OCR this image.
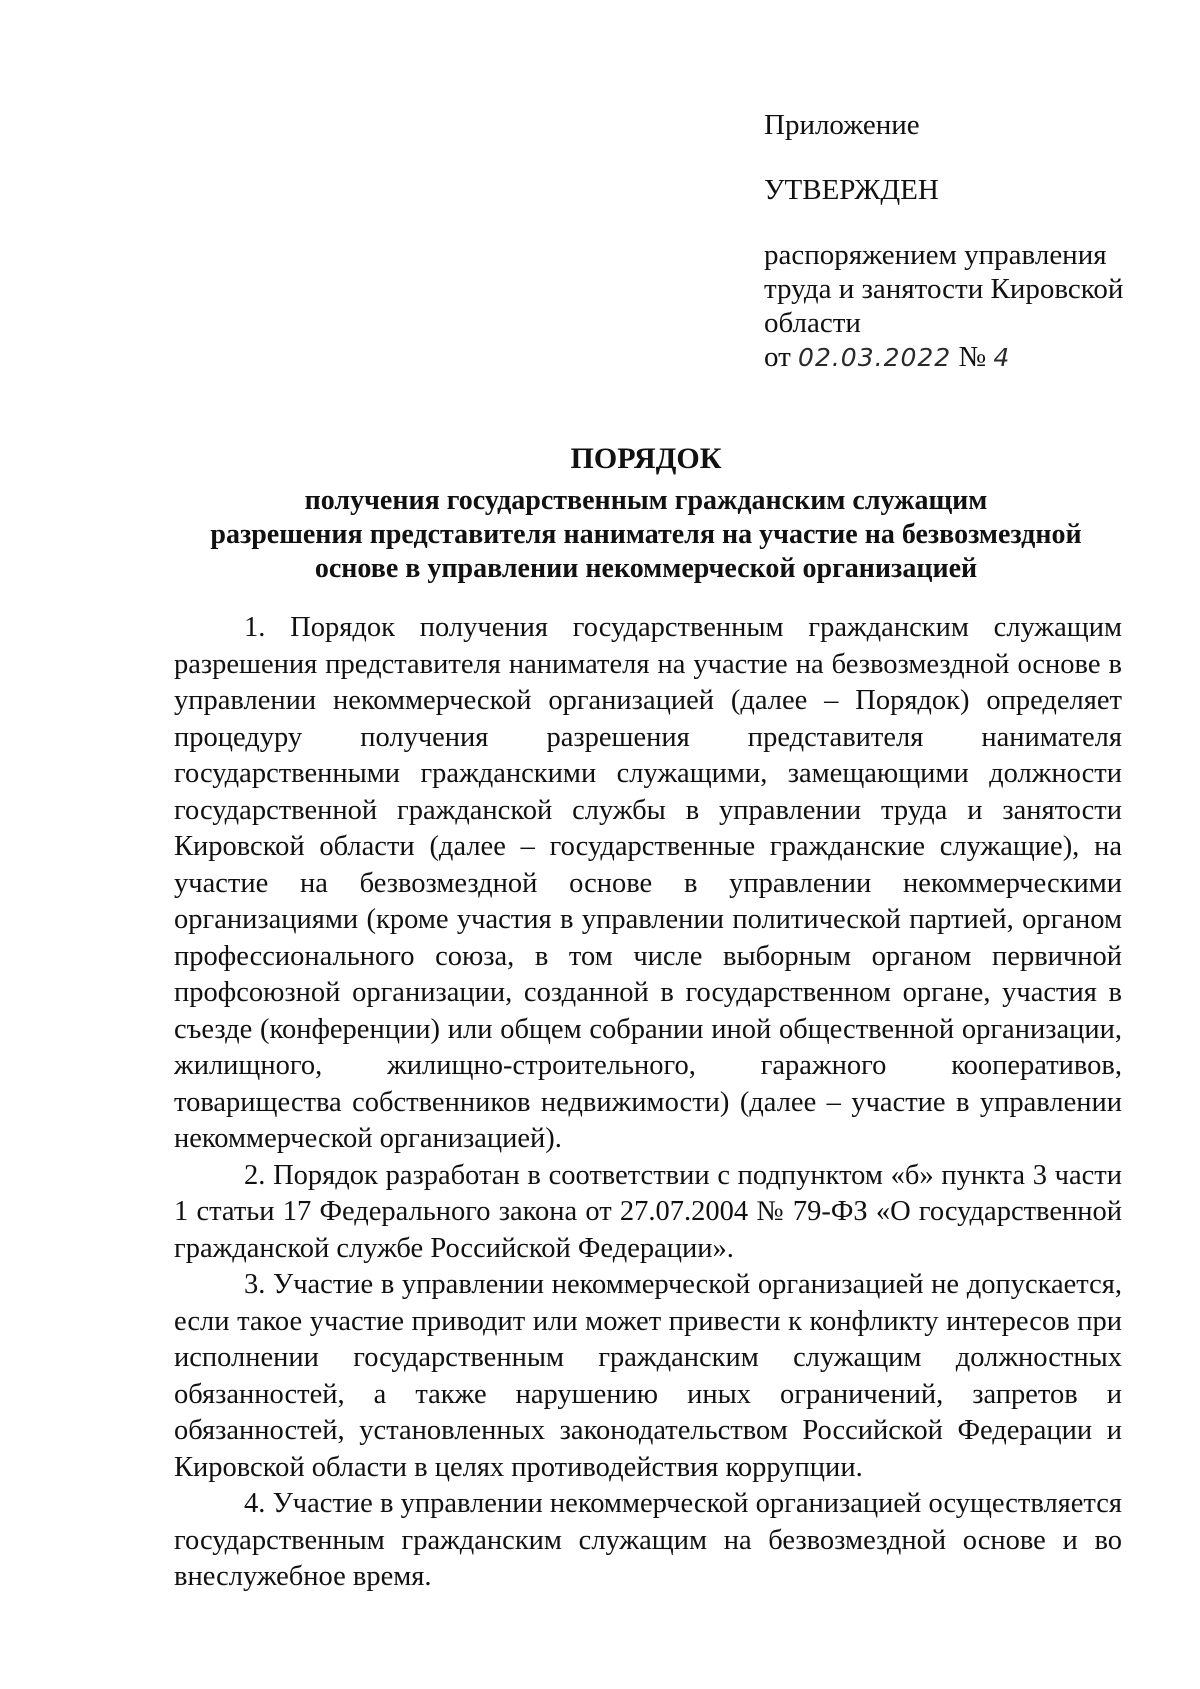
Приложение
УТВЕРЖДЕН
распоряжением управления
труда и занятости Кировской
области
от 02.03.2022 № 4
ПОРЯДОК
получения государственным гражданским служащим
разрешения представителя нанимателя на участие на безвозмездной
основе в управлении некоммерческой организацией

1. Порядок получения государственным гражданским служащим разрешения представителя нанимателя на участие на безвозмездной основе в управлении некоммерческой организацией (далее – Порядок) определяет процедуру получения разрешения представителя нанимателя государственными гражданскими служащими, замещающими должности государственной гражданской службы в управлении труда и занятости Кировской области (далее – государственные гражданские служащие), на участие на безвозмездной основе в управлении некоммерческими организациями (кроме участия в управлении политической партией, органом профессионального союза, в том числе выборным органом первичной профсоюзной организации, созданной в государственном органе, участия в съезде (конференции) или общем собрании иной общественной организации, жилищного, жилищно-строительного, гаражного кооперативов, товарищества собственников недвижимости) (далее – участие в управлении некоммерческой организацией).

2. Порядок разработан в соответствии с подпунктом «б» пункта 3 части 1 статьи 17 Федерального закона от 27.07.2004 № 79-ФЗ «О государственной гражданской службе Российской Федерации».

3. Участие в управлении некоммерческой организацией не допускается, если такое участие приводит или может привести к конфликту интересов при исполнении государственным гражданским служащим должностных обязанностей, а также нарушению иных ограничений, запретов и обязанностей, установленных законодательством Российской Федерации и Кировской области в целях противодействия коррупции.

4. Участие в управлении некоммерческой организацией осуществляется государственным гражданским служащим на безвозмездной основе и во внеслужебное время.
